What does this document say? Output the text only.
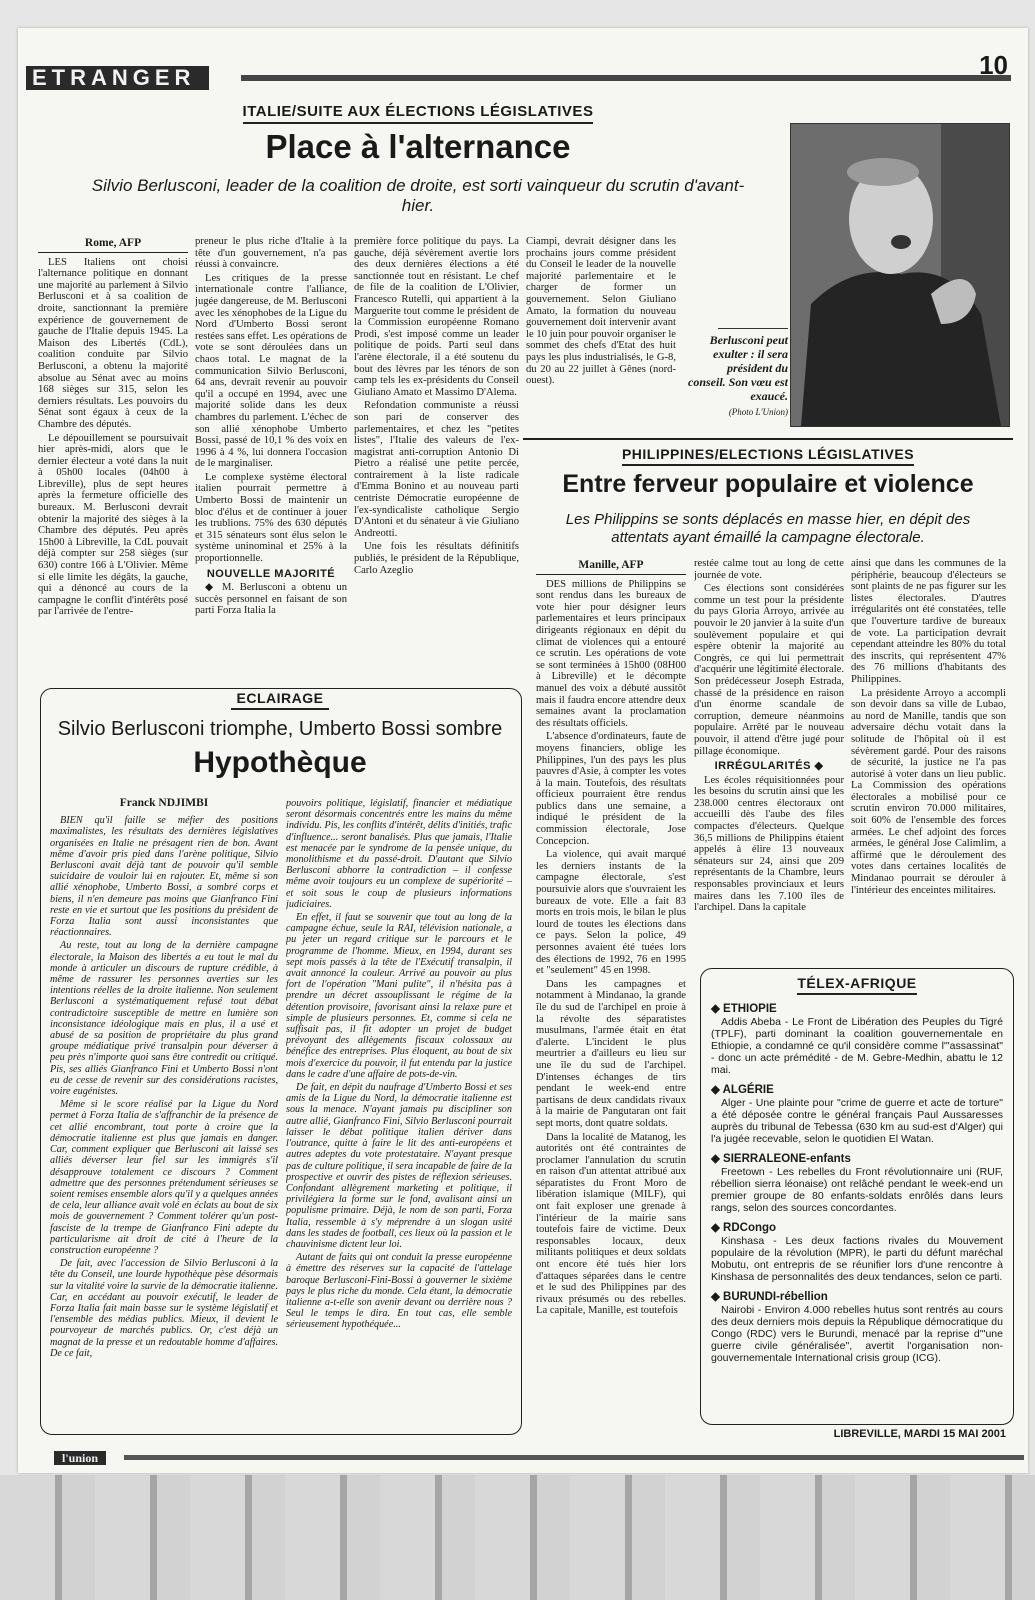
ETRANGER	10
ITALIE/SUITE AUX ÉLECTIONS LÉGISLATIVES
Place à l'alternance
Silvio Berlusconi, leader de la coalition de droite, est sorti vainqueur du scrutin d'avant-hier.
Rome, AFP

LES Italiens ont choisi l'alternance politique en donnant une majorité au parlement à Silvio Berlusconi et à sa coalition de droite, sanctionnant la première expérience de gouvernement de gauche de l'Italie depuis 1945. La Maison des Libertés (CdL), coalition conduite par Silvio Berlusconi, a obtenu la majorité absolue au Sénat avec au moins 168 sièges sur 315, selon les derniers résultats. Les pouvoirs du Sénat sont égaux à ceux de la Chambre des députés.

Le dépouillement se poursuivait hier après-midi, alors que le dernier électeur a voté dans la nuit à 05h00 locales (04h00 à Libreville), plus de sept heures après la fermeture officielle des bureaux. M. Berlusconi devrait obtenir la majorité des sièges à la Chambre des députés. Peu après 15h00 à Libreville, la CdL pouvait déjà compter sur 258 sièges (sur 630) contre 166 à L'Olivier. Même si elle limite les dégâts, la gauche, qui a dénoncé au cours de la campagne le conflit d'intérêts posé par l'arrivée de l'entre-

preneur le plus riche d'Italie à la tête d'un gouvernement, n'a pas réussi à convaincre.

Les critiques de la presse internationale contre l'alliance, jugée dangereuse, de M. Berlusconi avec les xénophobes de la Ligue du Nord d'Umberto Bossi seront restées sans effet. Les opérations de vote se sont déroulées dans un chaos total. Le magnat de la communication Silvio Berlusconi, 64 ans, devrait revenir au pouvoir qu'il a occupé en 1994, avec une majorité solide dans les deux chambres du parlement. L'échec de son allié xénophobe Umberto Bossi, passé de 10,1 % des voix en 1996 à 4 %, lui donnera l'occasion de le marginaliser.

Le complexe système électoral italien pourrait permettre à Umberto Bossi de maintenir un bloc d'élus et de continuer à jouer les trublions. 75% des 630 députés et 315 sénateurs sont élus selon le système uninominal et 25% à la proportionnelle.

NOUVELLE MAJORITÉ

◆ M. Berlusconi a obtenu un succès personnel en faisant de son parti Forza Italia la

première force politique du pays. La gauche, déjà sévèrement avertie lors des deux dernières élections a été sanctionnée tout en résistant. Le chef de file de la coalition de L'Olivier, Francesco Rutelli, qui appartient à la Marguerite tout comme le président de la Commission européenne Romano Prodi, s'est imposé comme un leader politique de poids. Parti seul dans l'arène électorale, il a été soutenu du bout des lèvres par les ténors de son camp tels les ex-présidents du Conseil Giuliano Amato et Massimo D'Alema.

Refondation communiste a réussi son pari de conserver des parlementaires, et chez les "petites listes", l'Italie des valeurs de l'ex-magistrat anti-corruption Antonio Di Pietro a réalisé une petite percée, contrairement à la liste radicale d'Emma Bonino et au nouveau parti centriste Démocratie européenne de l'ex-syndicaliste catholique Sergio D'Antoni et du sénateur à vie Giuliano Andreotti.

Une fois les résultats définitifs publiés, le président de la République, Carlo Azeglio

Ciampi, devrait désigner dans les prochains jours comme président du Conseil le leader de la nouvelle majorité parlementaire et le charger de former un gouvernement. Selon Giuliano Amato, la formation du nouveau gouvernement doit intervenir avant le 10 juin pour pouvoir organiser le sommet des chefs d'Etat des huit pays les plus industrialisés, le G-8, du 20 au 22 juillet à Gênes (nord-ouest).

Berlusconi peut exulter : il sera président du conseil. Son vœu est exaucé.
(Photo L'Union)
PHILIPPINES/ELECTIONS LÉGISLATIVES
Entre ferveur populaire et violence
Les Philippins se sonts déplacés en masse hier, en dépit des attentats ayant émaillé la campagne électorale.
Manille, AFP

DES millions de Philippins se sont rendus dans les bureaux de vote hier pour désigner leurs parlementaires et leurs principaux dirigeants régionaux en dépit du climat de violences qui a entouré ce scrutin. Les opérations de vote se sont terminées à 15h00 (08H00 à Libreville) et le décompte manuel des voix a débuté aussitôt mais il faudra encore attendre deux semaines avant la proclamation des résultats officiels.

L'absence d'ordinateurs, faute de moyens financiers, oblige les Philippines, l'un des pays les plus pauvres d'Asie, à compter les votes à la main. Toutefois, des résultats officieux pourraient être rendus publics dans une semaine, a indiqué le président de la commission électorale, Jose Concepcion.

La violence, qui avait marqué les derniers instants de la campagne électorale, s'est poursuivie alors que s'ouvraient les bureaux de vote. Elle a fait 83 morts en trois mois, le bilan le plus lourd de toutes les élections dans ce pays. Selon la police, 49 personnes avaient été tuées lors des élections de 1992, 76 en 1995 et "seulement" 45 en 1998.

Dans les campagnes et notamment à Mindanao, la grande île du sud de l'archipel en proie à la révolte des séparatistes musulmans, l'armée était en état d'alerte. L'incident le plus meurtrier a d'ailleurs eu lieu sur une île du sud de l'archipel. D'intenses échanges de tirs pendant le week-end entre partisans de deux candidats rivaux à la mairie de Pangutaran ont fait sept morts, dont quatre soldats.

Dans la localité de Matanog, les autorités ont été contraintes de proclamer l'annulation du scrutin en raison d'un attentat attribué aux séparatistes du Front Moro de libération islamique (MILF), qui ont fait exploser une grenade à l'intérieur de la mairie sans toutefois faire de victime. Deux responsables locaux, deux militants politiques et deux soldats ont encore été tués hier lors d'attaques séparées dans le centre et le sud des Philippines par des rivaux présumés ou des rebelles. La capitale, Manille, est toutefois

restée calme tout au long de cette journée de vote.

Ces élections sont considérées comme un test pour la présidente du pays Gloria Arroyo, arrivée au pouvoir le 20 janvier à la suite d'un soulèvement populaire et qui espère obtenir la majorité au Congrès, ce qui lui permettrait d'acquérir une légitimité électorale. Son prédécesseur Joseph Estrada, chassé de la présidence en raison d'un énorme scandale de corruption, demeure néanmoins populaire. Arrêté par le nouveau pouvoir, il attend d'être jugé pour pillage économique.

IRRÉGULARITÉS ◆

Les écoles réquisitionnées pour les besoins du scrutin ainsi que les 238.000 centres électoraux ont accueilli dès l'aube des files compactes d'électeurs. Quelque 36,5 millions de Philippins étaient appelés à élire 13 nouveaux sénateurs sur 24, ainsi que 209 représentants de la Chambre, leurs responsables provinciaux et leurs maires dans les 7.100 îles de l'archipel. Dans la capitale

ainsi que dans les communes de la périphérie, beaucoup d'électeurs se sont plaints de ne pas figurer sur les listes électorales. D'autres irrégularités ont été constatées, telle que l'ouverture tardive de bureaux de vote. La participation devrait cependant atteindre les 80% du total des inscrits, qui représentent 47% des 76 millions d'habitants des Philippines.

La présidente Arroyo a accompli son devoir dans sa ville de Lubao, au nord de Manille, tandis que son adversaire déchu votait dans la solitude de l'hôpital où il est sévèrement gardé. Pour des raisons de sécurité, la justice ne l'a pas autorisé à voter dans un lieu public. La Commission des opérations électorales a mobilisé pour ce scrutin environ 70.000 militaires, soit 60% de l'ensemble des forces armées. Le chef adjoint des forces armées, le général Jose Calimlim, a affirmé que le déroulement des votes dans certaines localités de Mindanao pourrait se dérouler à l'intérieur des enceintes militaires.

ECLAIRAGE
Silvio Berlusconi triomphe, Umberto Bossi sombre
Hypothèque
Franck NDJIMBI

BIEN qu'il faille se méfier des positions maximalistes, les résultats des dernières législatives organisées en Italie ne présagent rien de bon. Avant même d'avoir pris pied dans l'arène politique, Silvio Berlusconi avait déjà tant de pouvoir qu'il semble suicidaire de vouloir lui en rajouter. Et, même si son allié xénophobe, Umberto Bossi, a sombré corps et biens, il n'en demeure pas moins que Gianfranco Fini reste en vie et surtout que les positions du président de Forza Italia sont aussi inconsistantes que réactionnaires.

Au reste, tout au long de la dernière campagne électorale, la Maison des libertés a eu tout le mal du monde à articuler un discours de rupture crédible, à même de rassurer les personnes averties sur les intentions réelles de la droite italienne. Non seulement Berlusconi a systématiquement refusé tout débat contradictoire susceptible de mettre en lumière son inconsistance idéologique mais en plus, il a usé et abusé de sa position de propriétaire du plus grand groupe médiatique privé transalpin pour déverser à peu près n'importe quoi sans être contredit ou critiqué. Pis, ses alliés Gianfranco Fini et Umberto Bossi n'ont eu de cesse de revenir sur des considérations racistes, voire eugénistes.

Même si le score réalisé par la Ligue du Nord permet à Forza Italia de s'affranchir de la présence de cet allié encombrant, tout porte à croire que la démocratie italienne est plus que jamais en danger. Car, comment expliquer que Berlusconi ait laissé ses alliés déverser leur fiel sur les immigrés s'il désapprouve totalement ce discours ? Comment admettre que des personnes prétendument sérieuses se soient remises ensemble alors qu'il y a quelques années de cela, leur alliance avait volé en éclats au bout de six mois de gouvernement ? Comment tolérer qu'un post-fasciste de la trempe de Gianfranco Fini adepte du particularisme ait droit de cité à l'heure de la construction européenne ?

De fait, avec l'accession de Silvio Berlusconi à la tête du Conseil, une lourde hypothèque pèse désormais sur la vitalité voire la survie de la démocratie italienne. Car, en accédant au pouvoir exécutif, le leader de Forza Italia fait main basse sur le système législatif et l'ensemble des médias publics. Mieux, il devient le pourvoyeur de marchés publics. Or, c'est déjà un magnat de la presse et un redoutable homme d'affaires. De ce fait,

pouvoirs politique, législatif, financier et médiatique seront désormais concentrés entre les mains du même individu. Pis, les conflits d'intérêt, délits d'initiés, trafic d'influence... seront banalisés. Plus que jamais, l'Italie est menacée par le syndrome de la pensée unique, du monolithisme et du passé-droit. D'autant que Silvio Berlusconi abhorre la contradiction – il confesse même avoir toujours eu un complexe de supériorité – et soit sous le coup de plusieurs informations judiciaires.

En effet, il faut se souvenir que tout au long de la campagne échue, seule la RAI, télévision nationale, a pu jeter un regard critique sur le parcours et le programme de l'homme. Mieux, en 1994, durant ses sept mois passés à la tête de l'Exécutif transalpin, il avait annoncé la couleur. Arrivé au pouvoir au plus fort de l'opération "Mani pulite", il n'hésita pas à prendre un décret assouplissant le régime de la détention provisoire, favorisant ainsi la relaxe pure et simple de plusieurs personnes. Et, comme si cela ne suffisait pas, il fit adopter un projet de budget prévoyant des allègements fiscaux colossaux au bénéfice des entreprises. Plus éloquent, au bout de six mois d'exercice du pouvoir, il fut entendu par la justice dans le cadre d'une affaire de pots-de-vin.

De fait, en dépit du naufrage d'Umberto Bossi et ses amis de la Ligue du Nord, la démocratie italienne est sous la menace. N'ayant jamais pu discipliner son autre allié, Gianfranco Fini, Silvio Berlusconi pourrait laisser le débat politique italien dériver dans l'outrance, quitte à faire le lit des anti-européens et autres adeptes du vote protestataire. N'ayant presque pas de culture politique, il sera incapable de faire de la prospective et ouvrir des pistes de réflexion sérieuses. Confondant allègrement marketing et politique, il privilégiera la forme sur le fond, avalisant ainsi un populisme primaire. Déjà, le nom de son parti, Forza Italia, ressemble à s'y méprendre à un slogan usité dans les stades de football, ces lieux où la passion et le chauvinisme dictent leur loi.

Autant de faits qui ont conduit la presse européenne à émettre des réserves sur la capacité de l'attelage baroque Berlusconi-Fini-Bossi à gouverner le sixième pays le plus riche du monde. Cela étant, la démocratie italienne a-t-elle son avenir devant ou derrière nous ? Seul le temps le dira. En tout cas, elle semble sérieusement hypothéquée...

TÉLEX-AFRIQUE
◆ ETHIOPIE

Addis Abeba - Le Front de Libération des Peuples du Tigré (TPLF), parti dominant la coalition gouvernementale en Ethiopie, a condamné ce qu'il considère comme l'"assassinat" - donc un acte prémédité - de M. Gebre-Medhin, abattu le 12 mai.

◆ ALGÉRIE

Alger - Une plainte pour "crime de guerre et acte de torture" a été déposée contre le général français Paul Aussaresses auprès du tribunal de Tebessa (630 km au sud-est d'Alger) qui l'a jugée recevable, selon le quotidien El Watan.

◆ SIERRALEONE-enfants

Freetown - Les rebelles du Front révolutionnaire uni (RUF, rébellion sierra léonaise) ont relâché pendant le week-end un premier groupe de 80 enfants-soldats enrôlés dans leurs rangs, selon des sources concordantes.

◆ RDCongo

Kinshasa - Les deux factions rivales du Mouvement populaire de la révolution (MPR), le parti du défunt maréchal Mobutu, ont entrepris de se réunifier lors d'une rencontre à Kinshasa de personnalités des deux tendances, selon ce parti.

◆ BURUNDI-rébellion

Nairobi - Environ 4.000 rebelles hutus sont rentrés au cours des deux derniers mois depuis la République démocratique du Congo (RDC) vers le Burundi, menacé par la reprise d'"une guerre civile généralisée", avertit l'organisation non-gouvernementale International crisis group (ICG).

LIBREVILLE, MARDI 15 MAI 2001
l'union
